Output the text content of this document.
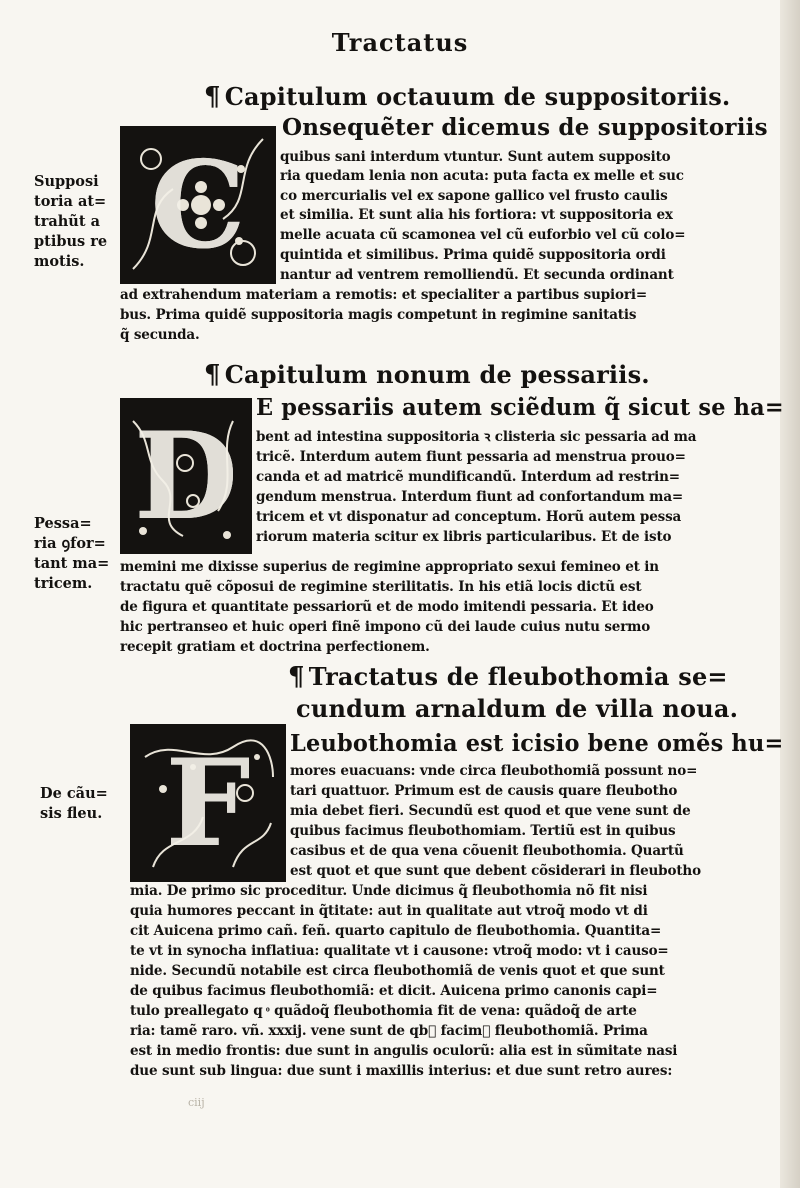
Tractatus
¶ Capitulum octauum de suppositoriis.
C
Onsequẽter dicemus de suppositoriis
quibus sani interdum vtuntur. Sunt autem supposito
ria quedam lenia non acuta: puta facta ex melle et suc
co mercurialis vel ex sapone gallico vel frusto caulis
et similia. Et sunt alia his fortiora: vt suppositoria ex
melle acuata cũ scamonea vel cũ euforbio vel cũ colo=
quintida et similibus. Prima quidẽ suppositoria ordi
nantur ad ventrem remolliendũ. Et secunda ordinant
ad extrahendum materiam a remotis: et specialiter a partibus supiori=
bus. Prima quidẽ suppositoria magis competunt in regimine sanitatis
q̃ secunda.
Supposi
toria at=
trahũt a
ptibus re
motis.
¶ Capitulum nonum de pessariis.
D E pessariis autem sciẽdum q̃ sicut se ha=
bent ad intestina suppositoria ꝛ clisteria sic pessaria ad ma
tricẽ. Interdum autem fiunt pessaria ad menstrua prouo=
canda et ad matricẽ mundificandũ. Interdum ad restrin=
gendum menstrua. Interdum fiunt ad confortandum ma=
tricem et vt disponatur ad conceptum. Horũ autem pessa
riorum materia scitur ex libris particularibus. Et de isto
memini me dixisse superius de regimine appropriato sexui femineo et in
tractatu quẽ cõposui de regimine sterilitatis. In his etiã locis dictũ est
de figura et quantitate pessariorũ et de modo imitendi pessaria. Et ideo
hic pertranseo et huic operi finẽ impono cũ dei laude cuius nutu sermo
recepit gratiam et doctrina perfectionem.
Pessa=
ria ꝯfor=
tant ma=
tricem.
¶ Tractatus de fleubothomia se=
cundum arnaldum de villa noua.
F	Leubothomia est icisio bene omẽs hu=
mores euacuans: vnde circa fleubothomiã possunt no=
tari quattuor. Primum est de causis quare fleubotho
mia debet fieri. Secundũ est quod et que vene sunt de
quibus facimus fleubothomiam. Tertiũ est in quibus
casibus et de qua vena cõuenit fleubothomia. Quartũ
est quot et que sunt que debent cõsiderari in fleubotho
mia. De primo sic proceditur. Unde dicimus q̃ fleubothomia nõ fit nisi
quia humores peccant in q̃titate: aut in qualitate aut vtroq̃ modo vt di
cit Auicena primo cañ. feñ. quarto capitulo de fleubothomia. Quantita=
te vt in synocha inflatiua: qualitate vt i causone: vtroq̃ modo: vt i causo=
nide. Secundũ notabile est circa fleubothomiã de venis quot et que sunt
de quibus facimus fleubothomiã: et dicit. Auicena primo canonis capi=
tulo preallegato q ͦ quãdoq̃ fleubothomia fit de vena: quãdoq̃ de arte
ria: tamẽ raro. vñ. xxxij. vene sunt de qb᷒ facim᷒ fleubothomiã. Prima
est in medio frontis: due sunt in angulis oculorũ: alia est in sũmitate nasi
due sunt sub lingua: due sunt i maxillis interius: et due sunt retro aures:
De cãu=
sis fleu.
ciij
